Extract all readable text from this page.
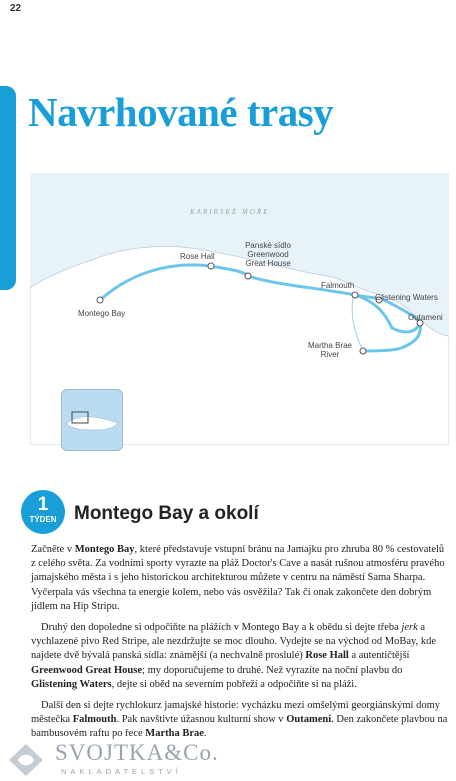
22
Navrhované trasy
KARIBSKÉ MOŘE
Montego Bay
Rose Hall
Panské sídlo Greenwood Great House
Falmouth
Glistening Waters
Outameni
Martha Brae River
1
TÝDEN Montego Bay a okolí

Začněte v Montego Bay, které představuje vstupní bránu na Jamajku pro zhruba 80 % cestovatelů z celého světa. Za vodními sporty vyrazte na pláž Doctor's Cave a nasát rušnou atmosféru pravého jamajského města i s jeho historickou architekturou můžete v centru na náměstí Sama Sharpa. Vyčerpala vás všechna ta energie kolem, nebo vás osvěžila? Tak či onak zakončete den dobrým jídlem na Hip Stripu.

Druhý den dopoledne si odpočiňte na plážích v Montego Bay a k obědu si dejte třeba jerk a vychlazené pivo Red Stripe, ale nezdržujte se moc dlouho. Vydejte se na východ od MoBay, kde najdete dvě bývalá panská sídla: známější (a nechvalně proslulé) Rose Hall a autentičtější Greenwood Great House; my doporučujeme to druhé. Než vyrazíte na noční plavbu do Glistening Waters, dejte si oběd na severním pobřeží a odpočiňte si na pláži.

Další den si dejte rychlokurz jamajské historie: vycházku mezi omšelými georgiánskými domy městečka Falmouth. Pak navštivte úžasnou kulturní show v Outameni. Den zakončete plavbou na bambusovém raftu po řece Martha Brae.

SVOJTKA&Co.
NAKLADATELSTVÍ
